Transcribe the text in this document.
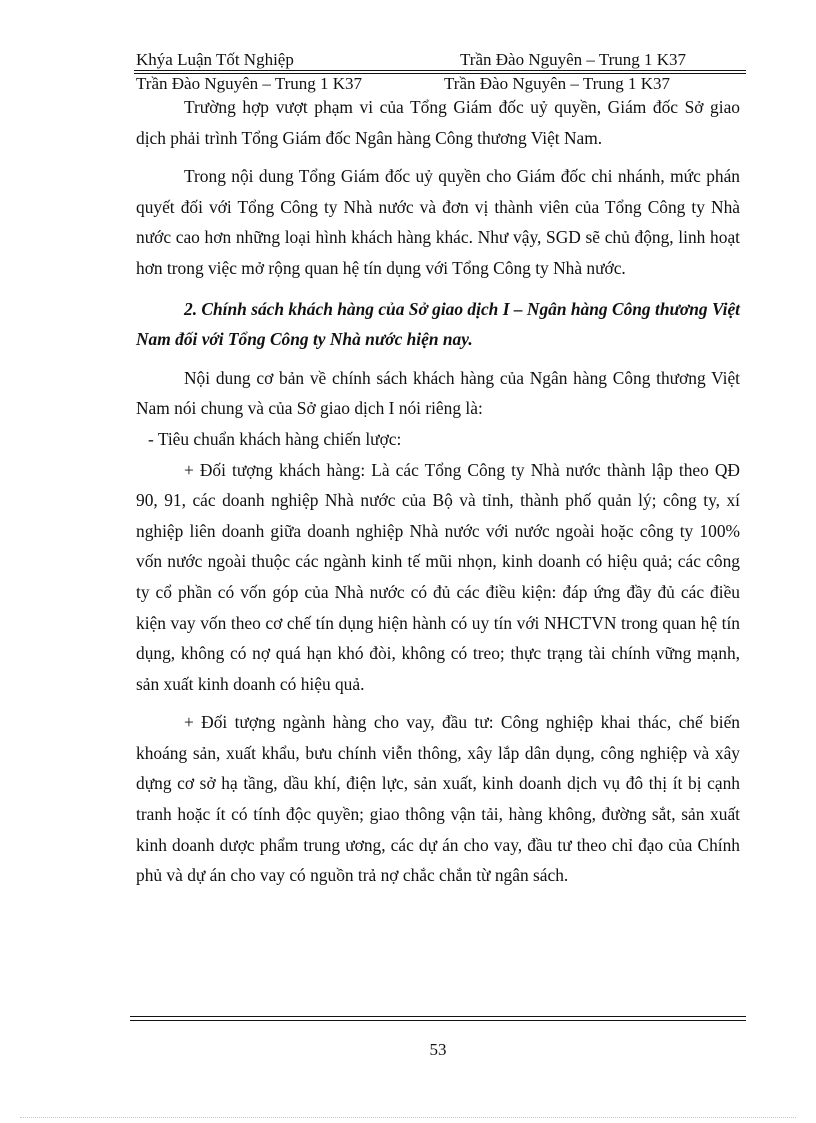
Khýa Luận Tốt Nghiệp	Trần Đào Nguyên – Trung 1 K37
Trần Đào Nguyên – Trung 1 K37	Trần Đào Nguyên – Trung 1 K37

Trường hợp vượt phạm vi của Tổng Giám đốc uỷ quyền, Giám đốc Sở giao dịch phải trình Tổng Giám đốc Ngân hàng Công thương Việt Nam.

Trong nội dung Tổng Giám đốc uỷ quyền cho Giám đốc chi nhánh, mức phán quyết đối với Tổng Công ty Nhà nước và đơn vị thành viên của Tổng Công ty Nhà nước cao hơn những loại hình khách hàng khác. Như vậy, SGD sẽ chủ động, linh hoạt hơn trong việc mở rộng quan hệ tín dụng với Tổng Công ty Nhà nước.

2. Chính sách khách hàng của Sở giao dịch I – Ngân hàng Công thương Việt Nam đối với Tổng Công ty Nhà nước hiện nay.

Nội dung cơ bản về chính sách khách hàng của Ngân hàng Công thương Việt Nam nói chung và của Sở giao dịch I nói riêng là:

- Tiêu chuẩn khách hàng chiến lược:

+ Đối tượng khách hàng: Là các Tổng Công ty Nhà nước thành lập theo QĐ 90, 91, các doanh nghiệp Nhà nước của Bộ và tỉnh, thành phố quản lý; công ty, xí nghiệp liên doanh giữa doanh nghiệp Nhà nước với nước ngoài hoặc công ty 100% vốn nước ngoài thuộc các ngành kinh tế mũi nhọn, kinh doanh có hiệu quả; các công ty cổ phần có vốn góp của Nhà nước có đủ các điều kiện: đáp ứng đầy đủ các điều kiện vay vốn theo cơ chế tín dụng hiện hành có uy tín với NHCTVN trong quan hệ tín dụng, không có nợ quá hạn khó đòi, không có treo; thực trạng tài chính vững mạnh, sản xuất kinh doanh có hiệu quả.

+ Đối tượng ngành hàng cho vay, đầu tư: Công nghiệp khai thác, chế biến khoáng sản, xuất khẩu, bưu chính viễn thông, xây lắp dân dụng, công nghiệp và xây dựng cơ sở hạ tầng, dầu khí, điện lực, sản xuất, kinh doanh dịch vụ đô thị ít bị cạnh tranh hoặc ít có tính độc quyền; giao thông vận tải, hàng không, đường sắt, sản xuất kinh doanh dược phẩm trung ương, các dự án cho vay, đầu tư theo chỉ đạo của Chính phủ và dự án cho vay có nguồn trả nợ chắc chắn từ ngân sách.

53
